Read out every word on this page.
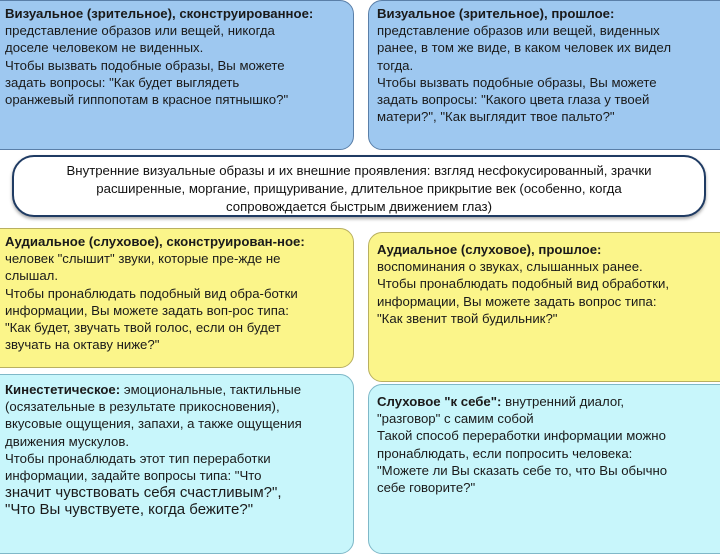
Визуальное (зрительное), сконструированное:
представление образов или вещей, никогда
доселе человеком не виденных.
Чтобы вызвать подобные образы, Вы можете
задать вопросы: "Как будет выглядеть
оранжевый гиппопотам в красное пятнышко?"
Визуальное (зрительное), прошлое:
представление образов или вещей, виденных
ранее, в том же виде, в каком человек их видел
тогда.
Чтобы вызвать подобные образы, Вы можете
задать вопросы: "Какого цвета глаза у твоей
матери?", "Как выглядит твое пальто?"
Аудиальное (слуховое), сконструирован-ное:
человек "слышит" звуки, которые пре-жде не
слышал.
Чтобы пронаблюдать подобный вид обра-ботки
информации, Вы можете задать воп-рос типа:
"Как будет, звучать твой голос, если он будет
звучать на октаву ниже?"
Аудиальное (слуховое), прошлое:
воспоминания о звуках, слышанных ранее.
Чтобы пронаблюдать подобный вид обработки,
информации, Вы можете задать вопрос типа:
"Как звенит твой будильник?"
Кинестетическое: эмоциональные, тактильные
(осязательные в результате прикосновения),
вкусовые ощущения, запахи, а также ощущения
движения мускулов.
Чтобы пронаблюдать этот тип переработки
информации, задайте вопросы типа: "Что
значит чувствовать себя счастливым?",
"Что Вы чувствуете, когда бежите?"
Слуховое "к себе": внутренний диалог,
"разговор" с самим собой
Такой способ переработки информации можно
пронаблюдать, если попросить человека:
"Можете ли Вы сказать себе то, что Вы обычно
себе говорите?"
Внутренние визуальные образы и их внешние проявления: взгляд несфокусированный, зрачки
расширенные, моргание, прищуривание, длительное прикрытие век (особенно, когда
сопровождается быстрым движением глаз)
